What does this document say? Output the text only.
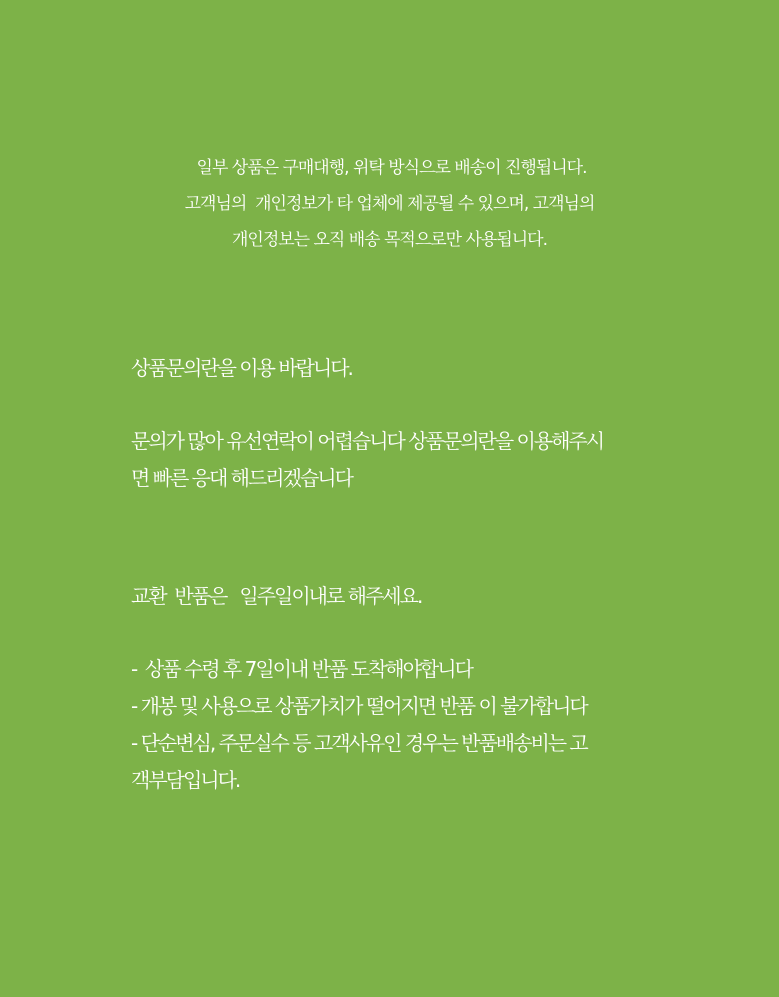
일부 상품은 구매대행, 위탁 방식으로 배송이 진행됩니다.
고객님의  개인정보가 타 업체에 제공될 수 있으며, 고객님의
개인정보는 오직 배송 목적으로만 사용됩니다.
상품문의란을 이용 바랍니다.
문의가 많아 유선연락이 어렵습니다 상품문의란을 이용해주시
면 빠른 응대 해드리겠습니다
교환  반품은   일주일이내로 해주세요.
-  상품 수령 후 7일이내 반품 도착해야합니다
- 개봉 및 사용으로 상품가치가 떨어지면 반품 이 불가합니다
- 단순변심, 주문실수 등 고객사유인 경우는 반품배송비는 고
객부담입니다.
